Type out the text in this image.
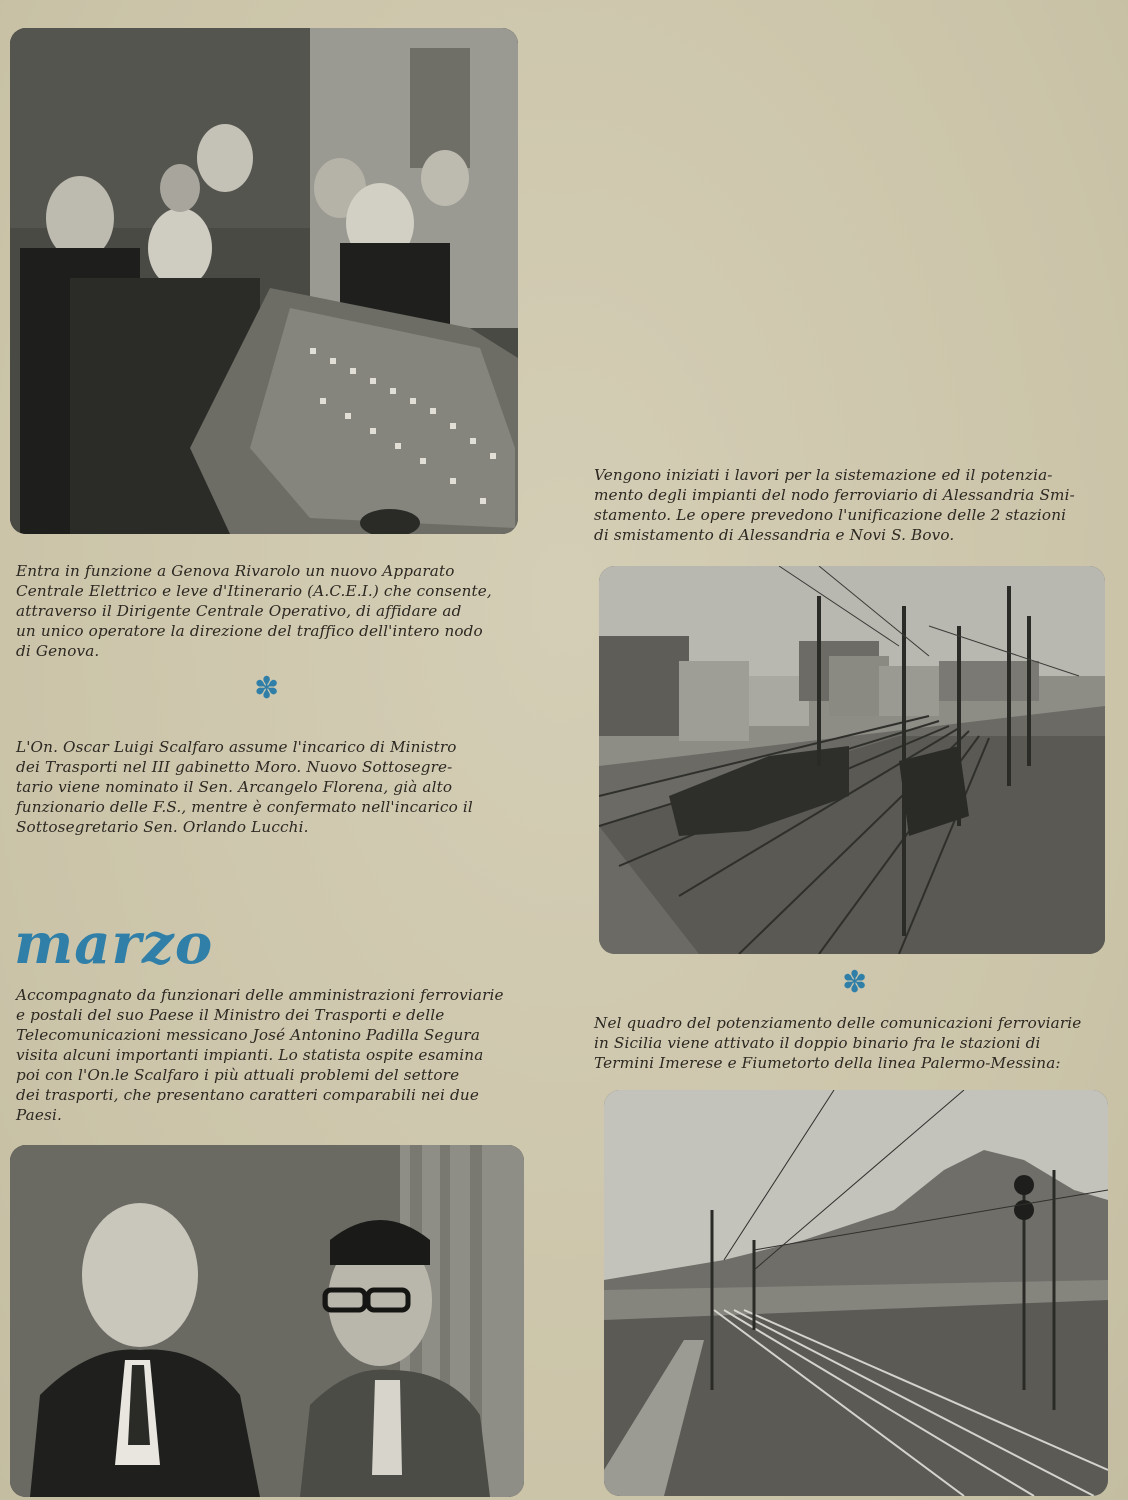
Entra in funzione a Genova Rivarolo un nuovo Apparato
Centrale Elettrico e leve d'Itinerario (A.C.E.I.) che consente,
attraverso il Dirigente Centrale Operativo, di affidare ad
un unico operatore la direzione del traffico dell'intero nodo
di Genova.

✽

L'On. Oscar Luigi Scalfaro assume l'incarico di Ministro
dei Trasporti nel III gabinetto Moro. Nuovo Sottosegre-
tario viene nominato il Sen. Arcangelo Florena, già alto
funzionario delle F.S., mentre è confermato nell'incarico il
Sottosegretario Sen. Orlando Lucchi.

marzo

Accompagnato da funzionari delle amministrazioni ferroviarie
e postali del suo Paese il Ministro dei Trasporti e delle
Telecomunicazioni messicano José Antonino Padilla Segura
visita alcuni importanti impianti. Lo statista ospite esamina
poi con l'On.le Scalfaro i più attuali problemi del settore
dei trasporti, che presentano caratteri comparabili nei due
Paesi.

Vengono iniziati i lavori per la sistemazione ed il potenzia-
mento degli impianti del nodo ferroviario di Alessandria Smi-
stamento. Le opere prevedono l'unificazione delle 2 stazioni
di smistamento di Alessandria e Novi S. Bovo.

✽

Nel quadro del potenziamento delle comunicazioni ferroviarie
in Sicilia viene attivato il doppio binario fra le stazioni di
Termini Imerese e Fiumetorto della linea Palermo-Messina:
